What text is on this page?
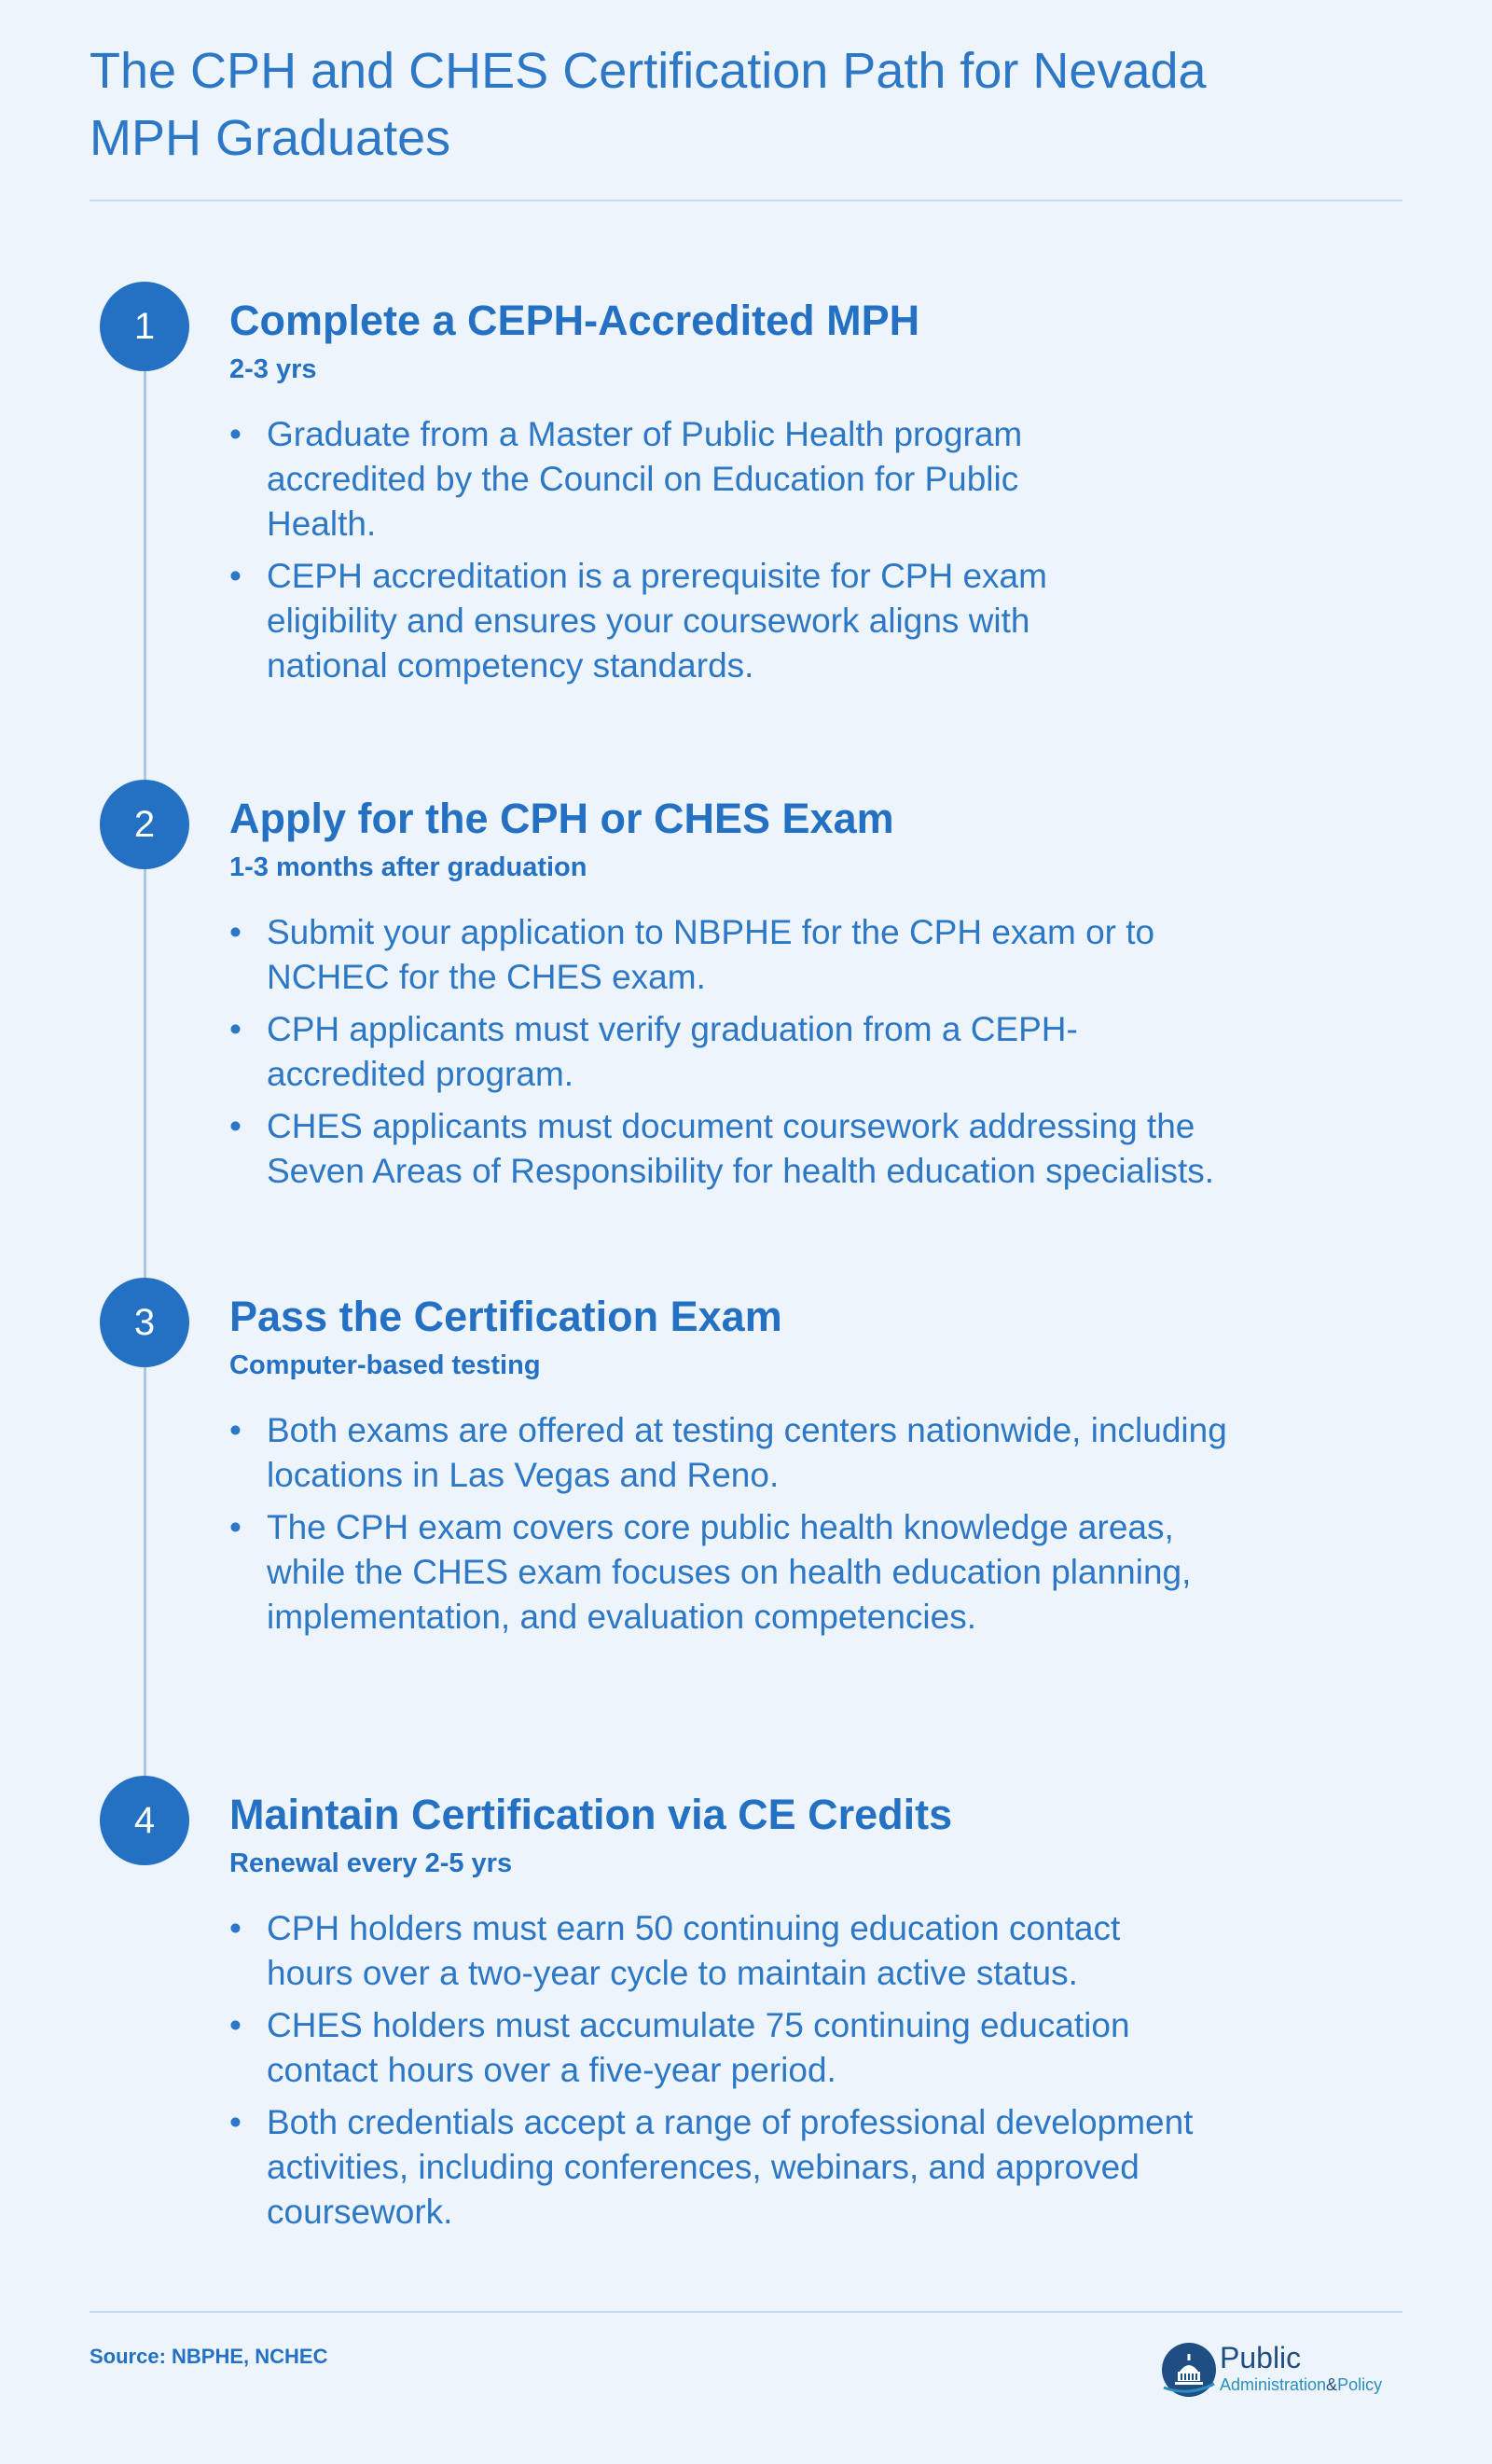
The CPH and CHES Certification Path for Nevada MPH Graduates
1	Complete a CEPH-Accredited MPH
2-3 yrs
• Graduate from a Master of Public Health program accredited by the Council on Education for Public Health.
• CEPH accreditation is a prerequisite for CPH exam eligibility and ensures your coursework aligns with national competency standards.
2	Apply for the CPH or CHES Exam
1-3 months after graduation
• Submit your application to NBPHE for the CPH exam or to NCHEC for the CHES exam.
• CPH applicants must verify graduation from a CEPH-accredited program.
• CHES applicants must document coursework addressing the Seven Areas of Responsibility for health education specialists.
3	Pass the Certification Exam
Computer-based testing
• Both exams are offered at testing centers nationwide, including locations in Las Vegas and Reno.
• The CPH exam covers core public health knowledge areas, while the CHES exam focuses on health education planning, implementation, and evaluation competencies.
4	Maintain Certification via CE Credits
Renewal every 2-5 yrs
• CPH holders must earn 50 continuing education contact hours over a two-year cycle to maintain active status.
• CHES holders must accumulate 75 continuing education contact hours over a five-year period.
• Both credentials accept a range of professional development activities, including conferences, webinars, and approved coursework.
Source: NBPHE, NCHEC	Public
Administration&Policy
